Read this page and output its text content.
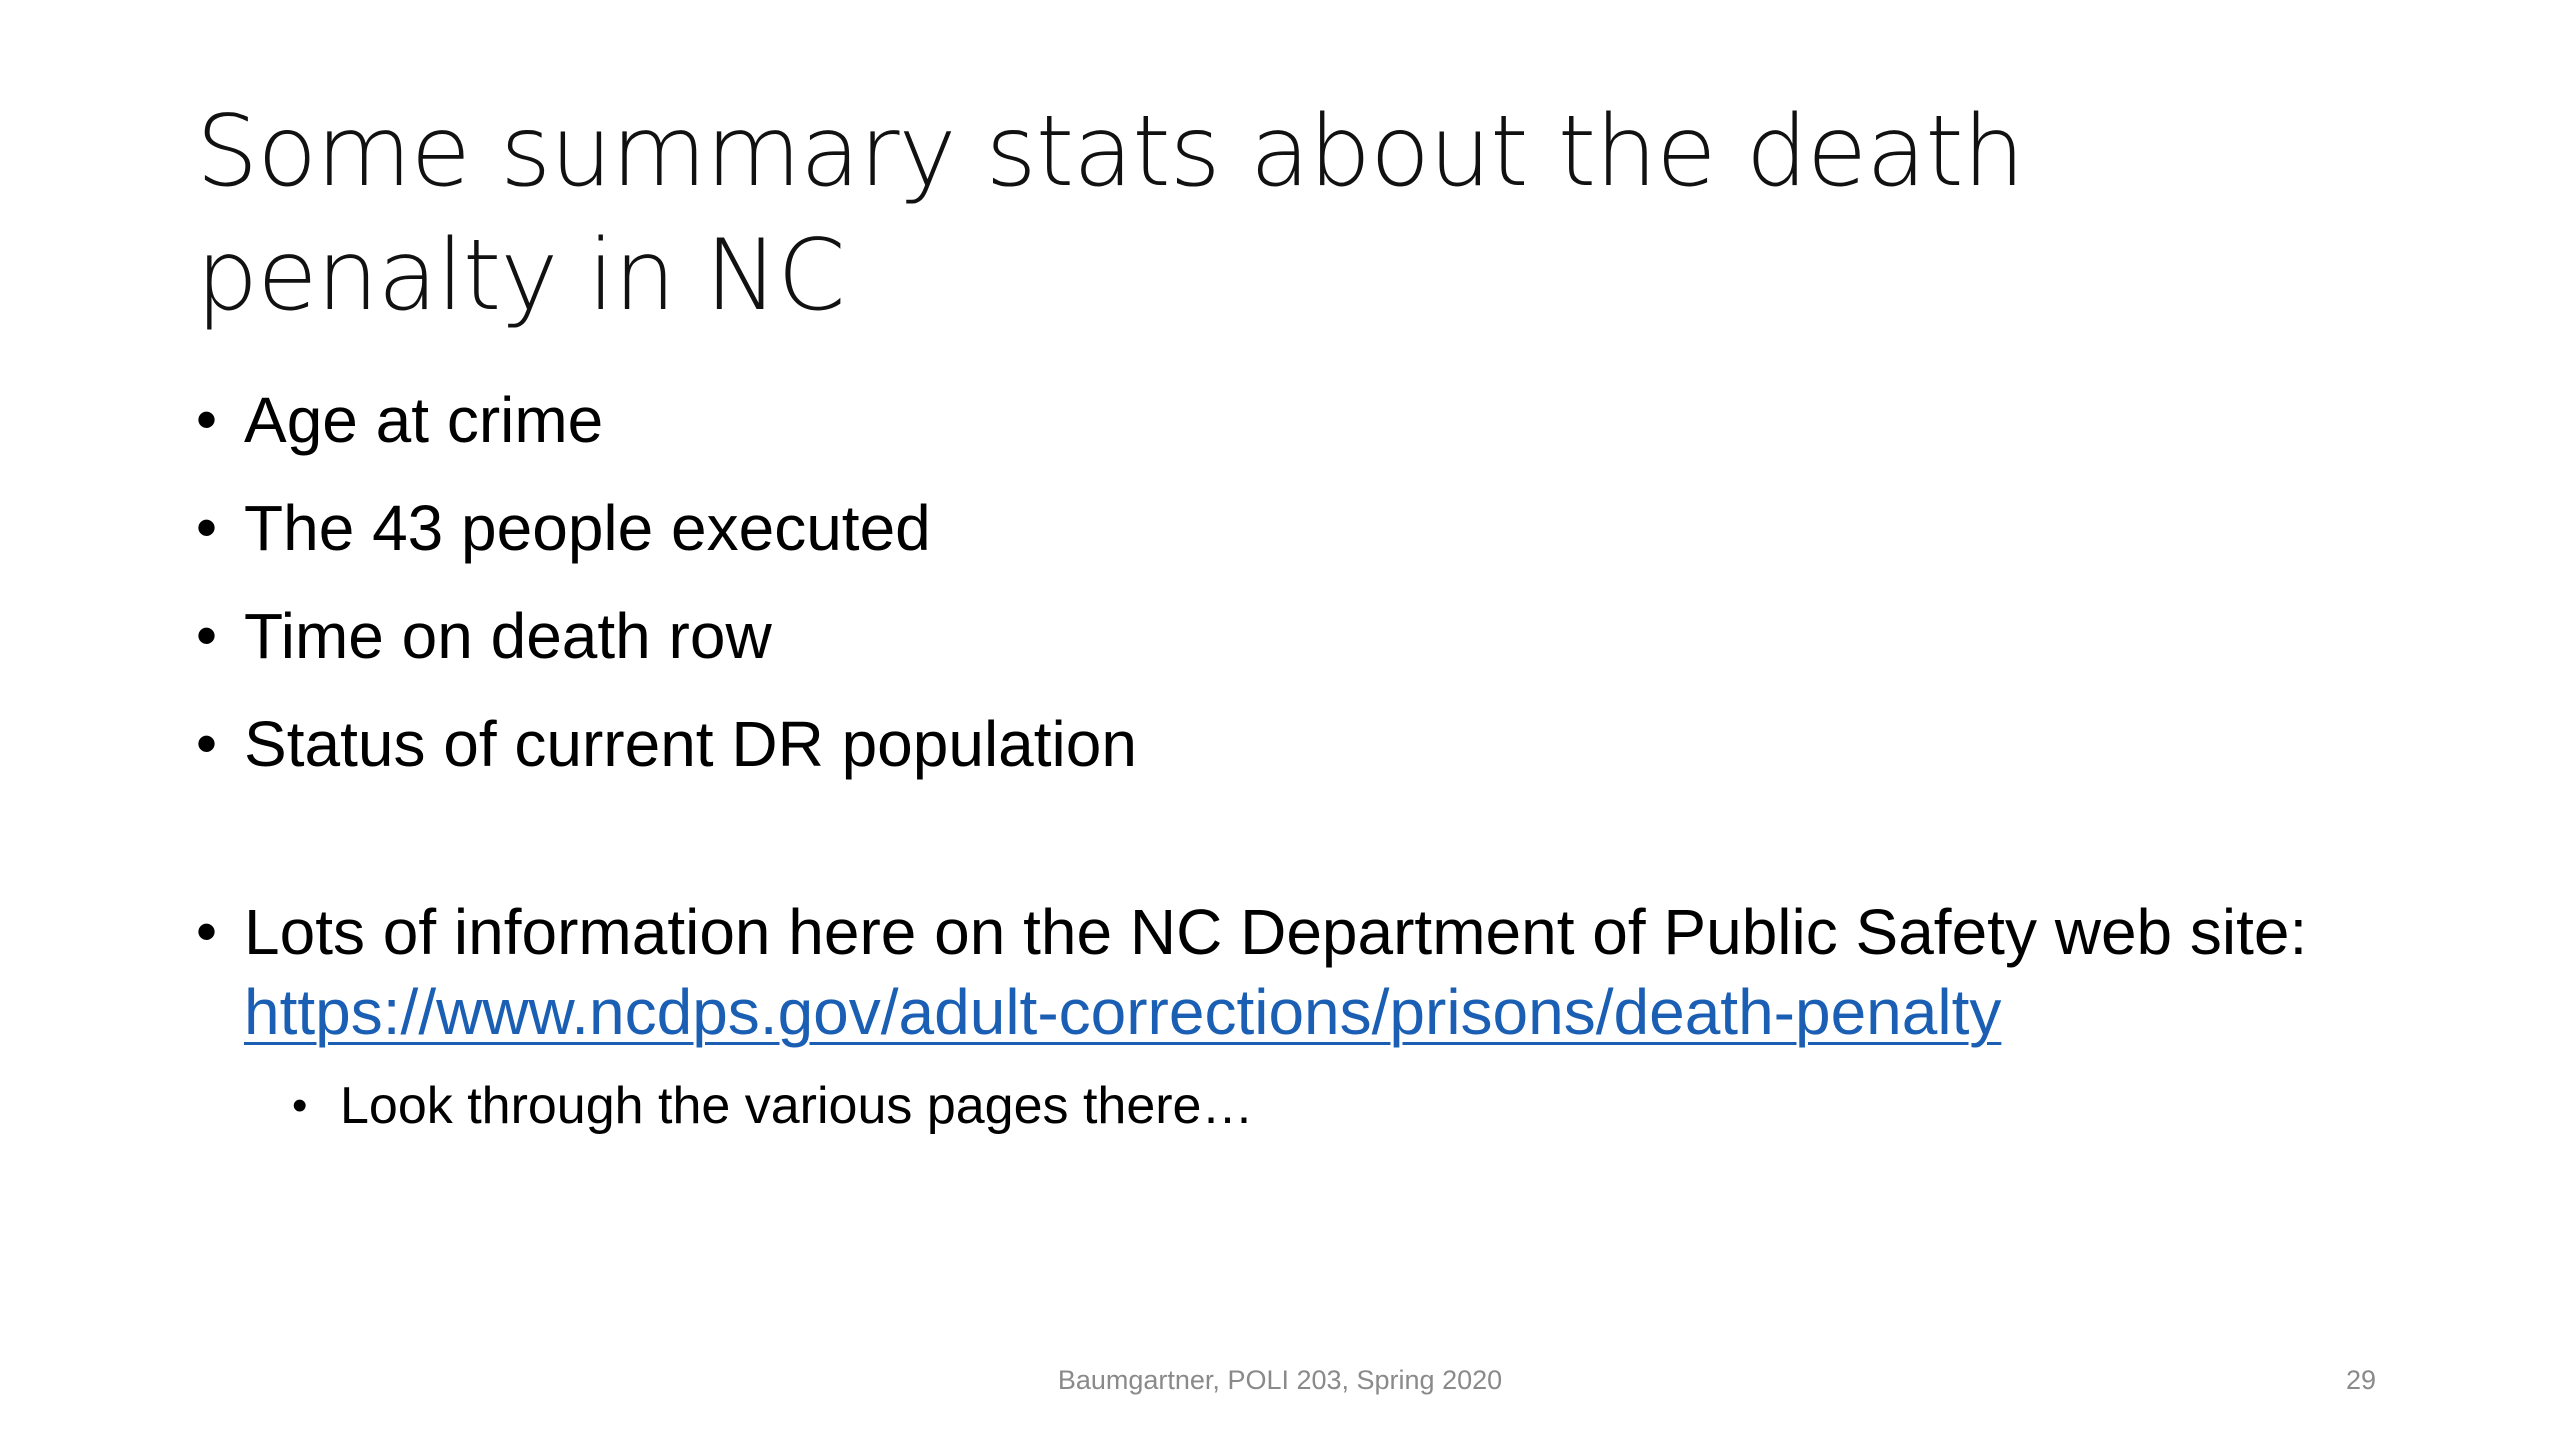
Some summary stats about the death penalty in NC
• Age at crime
• The 43 people executed
• Time on death row
• Status of current DR population
• Lots of information here on the NC Department of Public Safety web site: https://www.ncdps.gov/adult-corrections/prisons/death-penalty
• Look through the various pages there…
Baumgartner, POLI 203, Spring 2020	29
